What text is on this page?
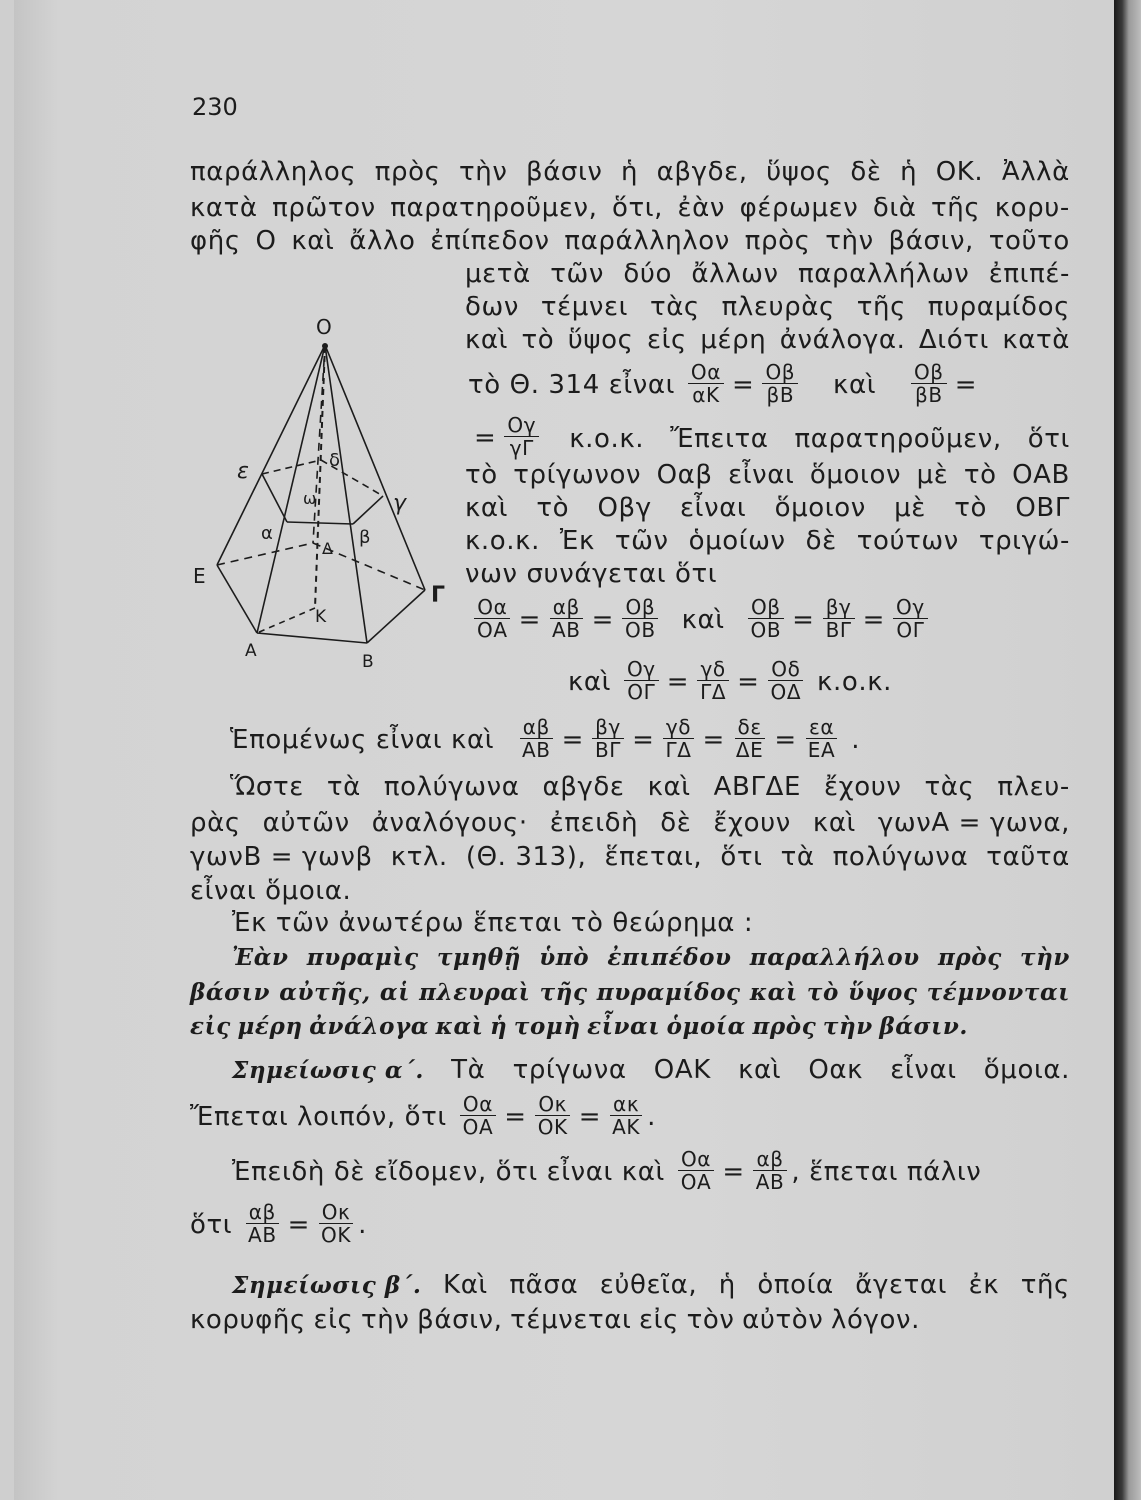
230
παράλληλος πρὸς τὴν βάσιν ἡ αβγδε, ὕψος δὲ ἡ ΟΚ. Ἀλλὰ
κατὰ πρῶτον παρατηροῦμεν, ὅτι, ἐὰν φέρωμεν διὰ τῆς κορυ-
φῆς Ο καὶ ἄλλο ἐπίπεδον παράλληλον πρὸς τὴν βάσιν, τοῦτο
μετὰ τῶν δύο ἄλλων παραλλήλων ἐπιπέ-
δων τέμνει τὰς πλευρὰς τῆς πυραμίδος
καὶ τὸ ὕψος εἰς μέρη ἀνάλογα. Διότι κατὰ
τὸ Θ. 314 εἶναι $\frac{O\alpha}{\alpha K} = \frac{O\beta}{\beta B}$ καὶ $\frac{O\beta}{\beta B}$ =
= $\frac{O\gamma}{\gamma\Gamma} \kappa.o.\kappa$. Ἔπειτα παρατηροῦμεν, ὅτι
τὸ τρίγωνον Οαβ εἶναι ὅμοιον μὲ τὸ ΟΑΒ
καὶ τὸ Οβγ εἶναι ὅμοιον μὲ τὸ ΟΒΓ
κ.ο.κ. Ἐκ τῶν ὁμοίων δὲ τούτων τριγώ-
νων συνάγεται ὅτι
$\frac{O\alpha}{OA} = \frac{\alpha\beta}{AB} = \frac{O\beta}{OB}$ καὶ $\frac{O\beta}{OB} = \frac{\beta\gamma}{B\Gamma} = \frac{O\gamma}{O\Gamma}$
καὶ $\frac{O\gamma}{O\Gamma} = \frac{\gamma\delta}{\Gamma\Delta} = \frac{O\delta}{O\Delta} \kappa.o.\kappa$.
Ἑπομένως εἶναι καὶ $\frac{\alpha\beta}{AB} = \frac{\beta\gamma}{B\Gamma} = \frac{\gamma\delta}{\Gamma\Delta} = \frac{\delta\varepsilon}{\Delta E} = \frac{\varepsilon\alpha}{EA}$ .
Ὥστε τὰ πολύγωνα αβγδε καὶ ΑΒΓΔΕ ἔχουν τὰς πλευ-
ρὰς αὐτῶν ἀναλόγους· ἐπειδὴ δὲ ἔχουν καὶ γωνΑ = γωνα,
γωνΒ = γωνβ κτλ. (Θ. 313), ἕπεται, ὅτι τὰ πολύγωνα ταῦτα
εἶναι ὅμοια.
Ἐκ τῶν ἀνωτέρω ἕπεται τὸ θεώρημα :
Ἐὰν πυραμὶς τμηθῇ ὑπὸ ἐπιπέδου παραλλήλου πρὸς τὴν
βάσιν αὐτῆς, αἱ πλευραὶ τῆς πυραμίδος καὶ τὸ ὕψος τέμνονται
εἰς μέρη ἀνάλογα καὶ ἡ τομὴ εἶναι ὁμοία πρὸς τὴν βάσιν.
Σημείωσις α΄. Τὰ τρίγωνα ΟΑΚ καὶ Οακ εἶναι ὅμοια.
Ἔπεται λοιπόν, ὅτι $\frac{O\alpha}{OA} = \frac{O\kappa}{OK} = \frac{\alpha\kappa}{AK}$ .
Ἐπειδὴ δὲ εἴδομεν, ὅτι εἶναι καὶ $\frac{O\alpha}{OA} = \frac{\alpha\beta}{AB}$ , ἕπεται πάλιν
ὅτι $\frac{\alpha\beta}{AB} = \frac{O\kappa}{OK}$ .
Σημείωσις β΄. Καὶ πᾶσα εὐθεῖα, ἡ ὁποία ἄγεται ἐκ τῆς
κορυφῆς εἰς τὴν βάσιν, τέμνεται εἰς τὸν αὐτὸν λόγον.
O
ε
α	β
γ
δ
ω
Ε
Α
Β
Γ
Δ
Κ
